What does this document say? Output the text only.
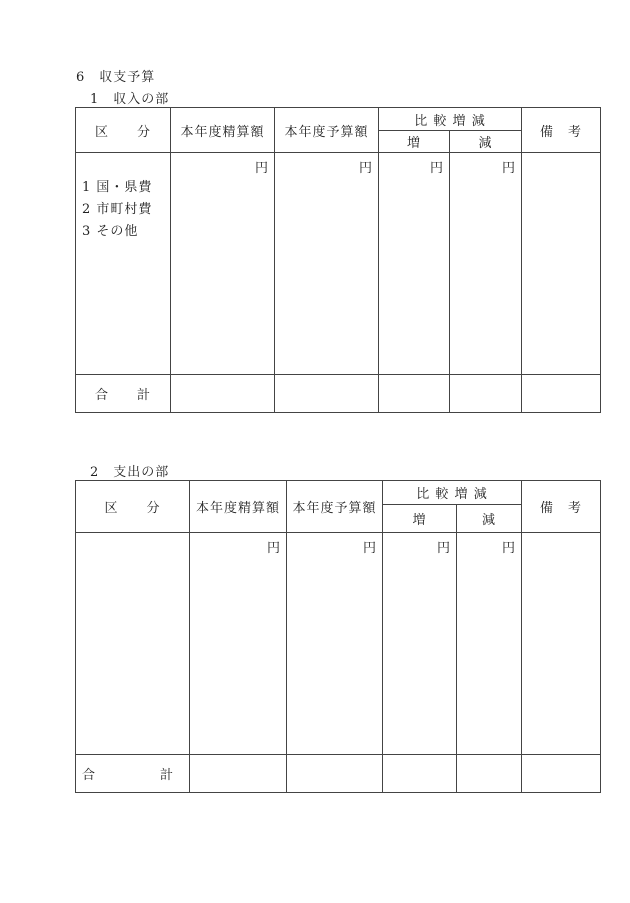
6　収支予算
1　収入の部
区　　分	本年度精算額	本年度予算額	比 較 増 減		備　考
			増	減	

1 国・県費
2 市町村費
3 その他	円	円	円	円	
合　　計					
2　支出の部
区　　分	本年度精算額	本年度予算額	比 較 増 減		備　考
			増	減	
	円	円	円	円	
合　　　　　計					
